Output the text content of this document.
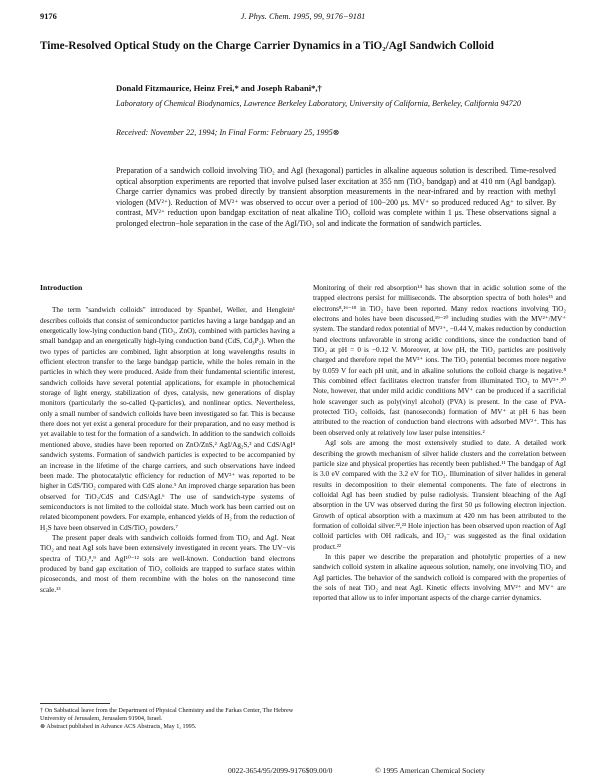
9176	J. Phys. Chem. 1995, 99, 9176−9181
Time-Resolved Optical Study on the Charge Carrier Dynamics in a TiO₂/AgI Sandwich Colloid
Donald Fitzmaurice, Heinz Frei,* and Joseph Rabani*,†
Laboratory of Chemical Biodynamics, Lawrence Berkeley Laboratory, University of California, Berkeley, California 94720
Received: November 22, 1994; In Final Form: February 25, 1995⊗

Preparation of a sandwich colloid involving TiO₂ and AgI (hexagonal) particles in alkaline aqueous solution is described. Time-resolved optical absorption experiments are reported that involve pulsed laser excitation at 355 nm (TiO₂ bandgap) and at 410 nm (AgI bandgap). Charge carrier dynamics was probed directly by transient absorption measurements in the near-infrared and by reaction with methyl viologen (MV²⁺). Reduction of MV²⁺ was observed to occur over a period of 100−200 μs. MV⁺ so produced reduced Ag⁺ to silver. By contrast, MV²⁺ reduction upon bandgap excitation of neat alkaline TiO₂ colloid was complete within 1 μs. These observations signal a prolonged electron−hole separation in the case of the AgI/TiO₂ sol and indicate the formation of sandwich particles.

Introduction

The term "sandwich colloids" introduced by Spanhel, Weller, and Henglein¹ describes colloids that consist of semiconductor particles having a large bandgap and an energetically low-lying conduction band (TiO₂, ZnO), combined with particles having a small bandgap and an energetically high-lying conduction band (CdS, Cd₃P₂). When the two types of particles are combined, light absorption at long wavelengths results in efficient electron transfer to the large bandgap particle, while the holes remain in the particles in which they were produced. Aside from their fundamental scientific interest, sandwich colloids have several potential applications, for example in photochemical storage of light energy, stabilization of dyes, catalysis, new generations of display monitors (particularly the so-called Q-particles), and nonlinear optics. Nevertheless, only a small number of sandwich colloids have been investigated so far. This is because there does not yet exist a general procedure for their preparation, and no easy method is yet available to test for the formation of a sandwich. In addition to the sandwich colloids mentioned above, studies have been reported on ZnO/ZnS,² AgI/Ag₂S,³ and CdS/AgI⁴ sandwich systems. Formation of sandwich particles is expected to be accompanied by an increase in the lifetime of the charge carriers, and such observations have indeed been made. The photocatalytic efficiency for reduction of MV²⁺ was reported to be higher in CdS/TiO₂ compared with CdS alone.⁵ An improved charge separation has been observed for TiO₂/CdS and CdS/AgI.⁶ The use of sandwich-type systems of semiconductors is not limited to the colloidal state. Much work has been carried out on related bicomponent powders. For example, enhanced yields of H₂ from the reduction of H₂S have been observed in CdS/TiO₂ powders.⁷

The present paper deals with sandwich colloids formed from TiO₂ and AgI. Neat TiO₂ and neat AgI sols have been extensively investigated in recent years. The UV−vis spectra of TiO₂⁸,⁹ and AgI¹⁰⁻¹² sols are well-known. Conduction band electrons produced by band gap excitation of TiO₂ colloids are trapped to surface states within picoseconds, and most of them recombine with the holes on the nanosecond time scale.¹³

Monitoring of their red absorption¹⁴ has shown that in acidic solution some of the trapped electrons persist for milliseconds. The absorption spectra of both holes¹⁵ and electrons⁸,¹⁶⁻¹⁸ in TiO₂ have been reported. Many redox reactions involving TiO₂ electrons and holes have been discussed,¹⁹⁻²⁰ including studies with the MV²⁺/MV⁺ system. The standard redox potential of MV²⁺, −0.44 V, makes reduction by conduction band electrons unfavorable in strong acidic conditions, since the conduction band of TiO₂ at pH = 0 is −0.12 V. Moreover, at low pH, the TiO₂ particles are positively charged and therefore repel the MV²⁺ ions. The TiO₂ potential becomes more negative by 0.059 V for each pH unit, and in alkaline solutions the colloid charge is negative.⁸ This combined effect facilitates electron transfer from illuminated TiO₂ to MV²⁺.²⁰ Note, however, that under mild acidic conditions MV⁺ can be produced if a sacrificial hole scavenger such as poly(vinyl alcohol) (PVA) is present. In the case of PVA-protected TiO₂ colloids, fast (nanoseconds) formation of MV⁺ at pH 6 has been attributed to the reaction of conduction band electrons with adsorbed MV²⁺. This has been observed only at relatively low laser pulse intensities.²

AgI sols are among the most extensively studied to date. A detailed work describing the growth mechanism of silver halide clusters and the correlation between particle size and physical properties has recently been published.¹¹ The bandgap of AgI is 3.0 eV compared with the 3.2 eV for TiO₂. Illumination of silver halides in general results in decomposition to their elemental components. The fate of electrons in colloidal AgI has been studied by pulse radiolysis. Transient bleaching of the AgI absorption in the UV was observed during the first 50 μs following electron injection. Growth of optical absorption with a maximum at 420 nm has been attributed to the formation of colloidal silver.²²,²³ Hole injection has been observed upon reaction of AgI colloid particles with OH radicals, and IO₃⁻ was suggested as the final oxidation product.²²

In this paper we describe the preparation and photolytic properties of a new sandwich colloid system in alkaline aqueous solution, namely, one involving TiO₂ and AgI particles. The behavior of the sandwich colloid is compared with the properties of the sols of neat TiO₂ and neat AgI. Kinetic effects involving MV²⁺ and MV⁺ are reported that allow us to infer important aspects of the charge carrier dynamics.

† On Sabbatical leave from the Department of Physical Chemistry and the Farkas Center, The Hebrew University of Jerusalem, Jerusalem 91904, Israel.
⊗ Abstract published in Advance ACS Abstracts, May 1, 1995.
0022-3654/95/2099-9176$09.00/0	© 1995 American Chemical Society
